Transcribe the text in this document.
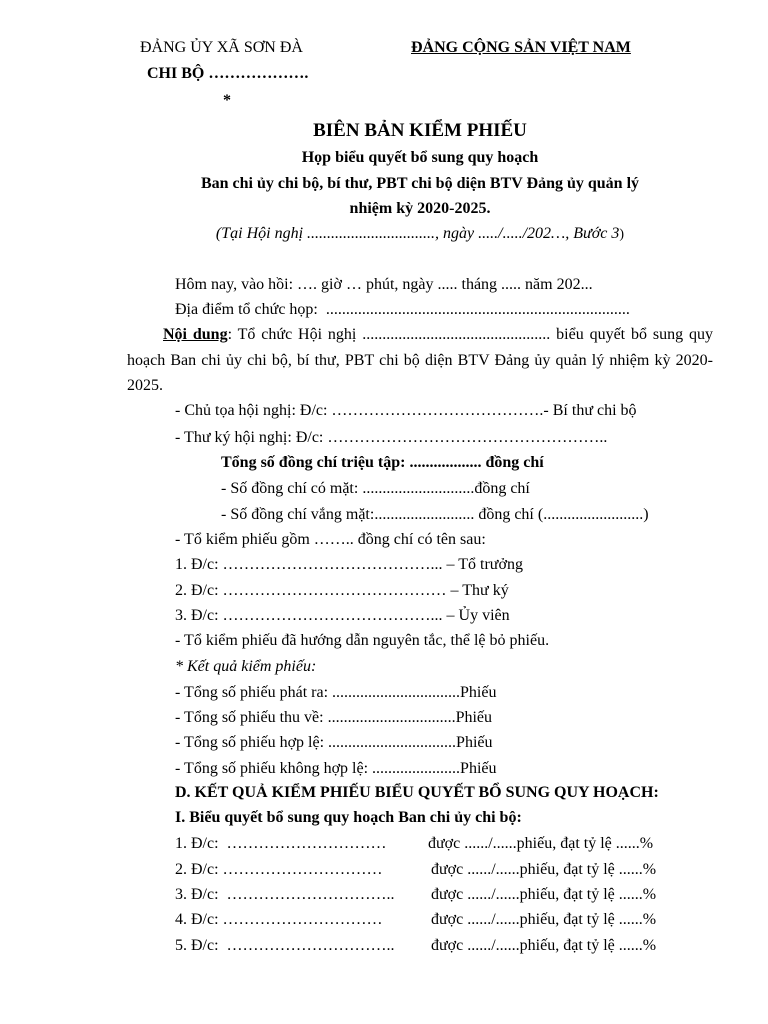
ĐẢNG ỦY XÃ SƠN ĐÀ
CHI BỘ ……………….
*
ĐẢNG CỘNG SẢN VIỆT NAM
BIÊN BẢN KIỂM PHIẾU
Họp biểu quyết bổ sung quy hoạch
Ban chi ủy chi bộ, bí thư, PBT chi bộ diện BTV Đảng ủy quản lý
nhiệm kỳ 2020-2025.
(Tại Hội nghị ................................, ngày ...../...../202…, Bước 3)
Hôm nay, vào hồi: …. giờ … phút, ngày ..... tháng ..... năm 202...
Địa điểm tổ chức họp:  ............................................................................
Nội dung: Tổ chức Hội nghị ............................................... biểu quyết bổ sung quy hoạch Ban chi ủy chi bộ, bí thư, PBT chi bộ diện BTV Đảng ủy quản lý nhiệm kỳ 2020-2025.
- Chủ tọa hội nghị: Đ/c: ………………………………….- Bí thư chi bộ
- Thư ký hội nghị: Đ/c: ……………………………………………..
Tổng số đồng chí triệu tập: .................. đồng chí
- Số đồng chí có mặt: ............................đồng chí
- Số đồng chí vắng mặt:......................... đồng chí (.........................)
- Tổ kiểm phiếu gồm …….. đồng chí có tên sau:
1. Đ/c: …………………………………... – Tổ trưởng
2. Đ/c: …………………………………… – Thư ký
3. Đ/c: …………………………………... – Ủy viên
- Tổ kiểm phiếu đã hướng dẫn nguyên tắc, thể lệ bỏ phiếu.
* Kết quả kiểm phiếu:
- Tổng số phiếu phát ra: ................................Phiếu
- Tổng số phiếu thu về: ................................Phiếu
- Tổng số phiếu hợp lệ: ................................Phiếu
- Tổng số phiếu không hợp lệ: ......................Phiếu
D. KẾT QUẢ KIỂM PHIẾU BIỂU QUYẾT BỔ SUNG QUY HOẠCH:
I. Biểu quyết bổ sung quy hoạch Ban chi ủy chi bộ:
1. Đ/c:  …………………………	được ....../......phiếu, đạt tỷ lệ ......%
2. Đ/c: …………………………	được ....../......phiếu, đạt tỷ lệ ......%
3. Đ/c:  ………………………….. được ....../......phiếu, đạt tỷ lệ ......%
4. Đ/c: …………………………	được ....../......phiếu, đạt tỷ lệ ......%
5. Đ/c:  ………………………….. được ....../......phiếu, đạt tỷ lệ ......%
